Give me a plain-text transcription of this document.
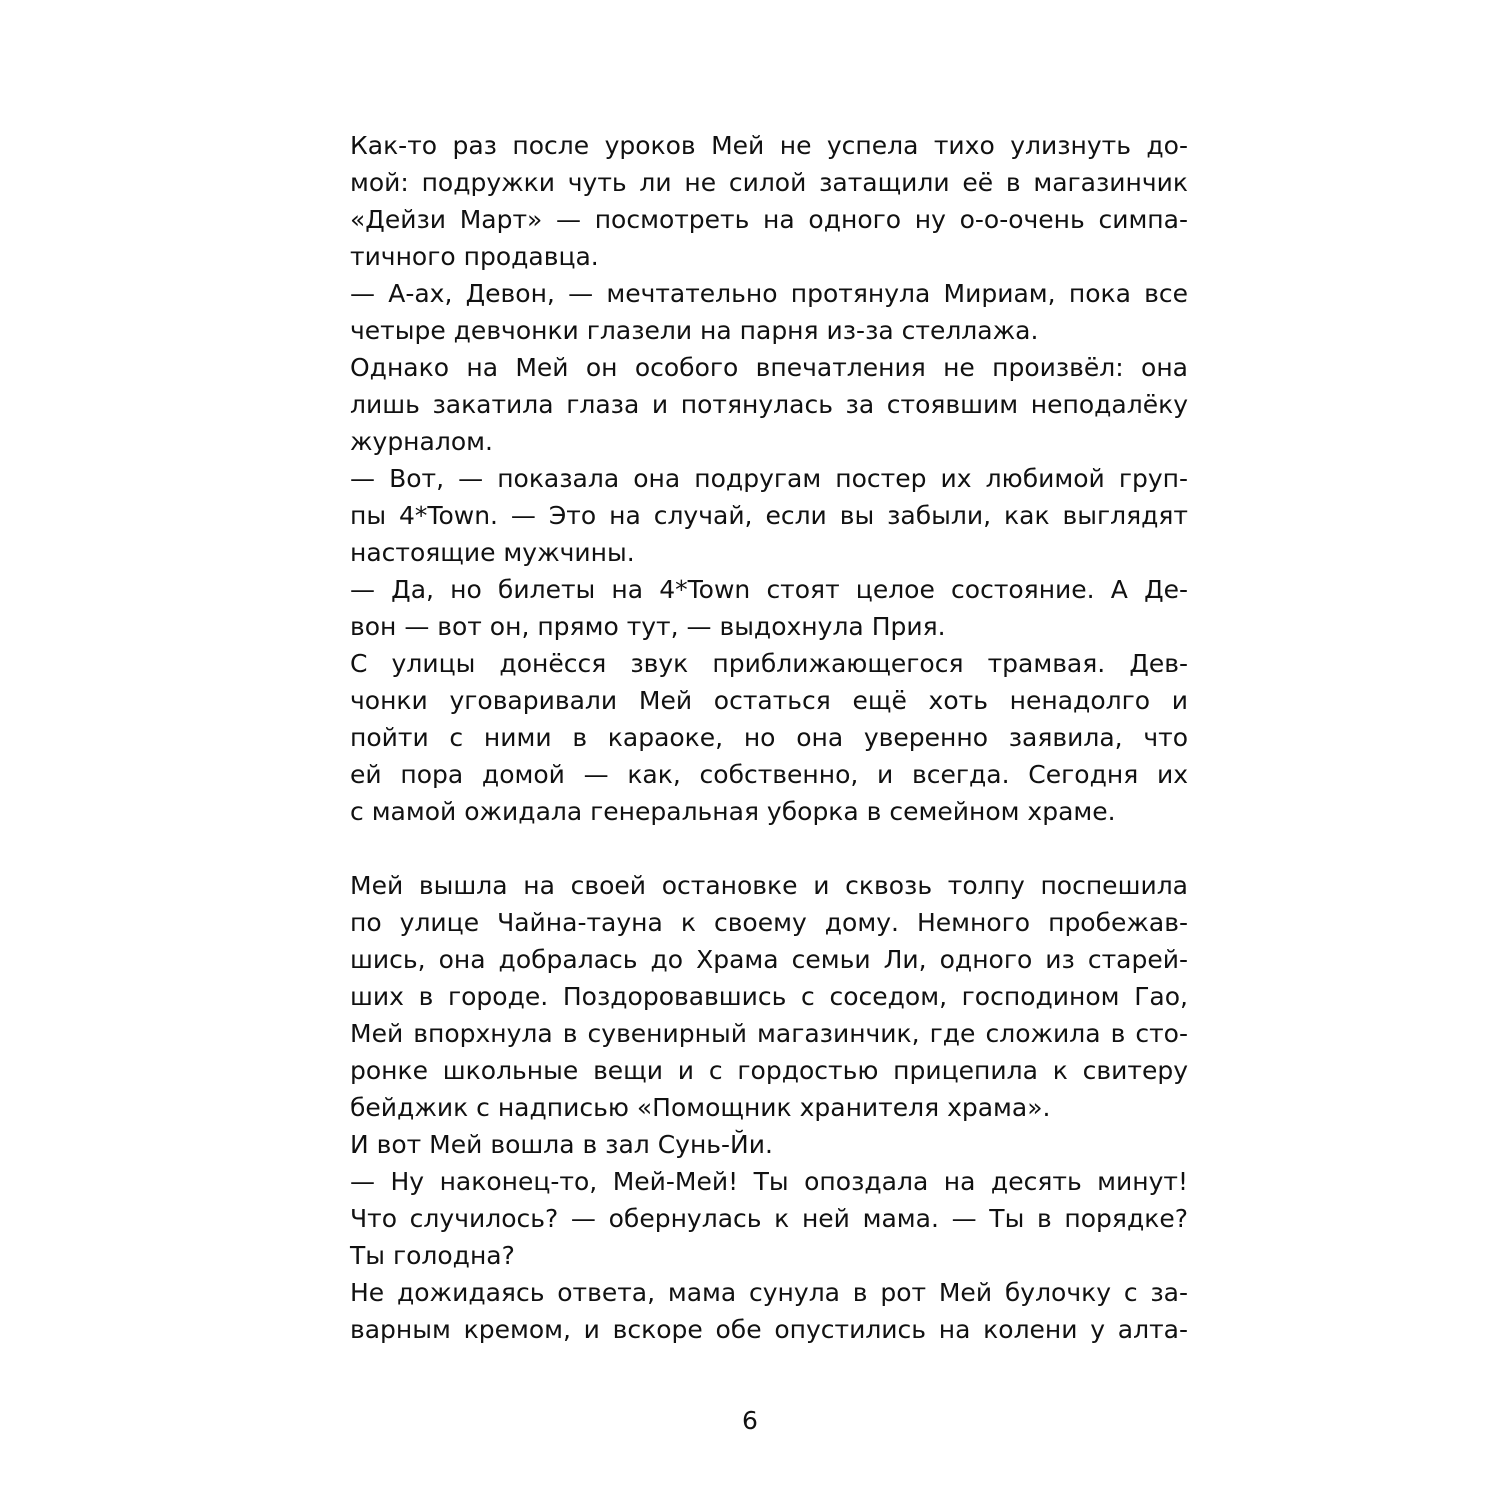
Как-то раз после уроков Мей не успела тихо улизнуть до-

мой: подружки чуть ли не силой затащили её в магазинчик

«Дейзи Март» — посмотреть на одного ну о-о-очень симпа-

тичного продавца.

— А-ах, Девон, — мечтательно протянула Мириам, пока все

четыре девчонки глазели на парня из-за стеллажа.

Однако на Мей он особого впечатления не произвёл: она

лишь закатила глаза и потянулась за стоявшим неподалёку

журналом.

— Вот, — показала она подругам постер их любимой груп-

пы 4*Town. — Это на случай, если вы забыли, как выглядят

настоящие мужчины.

— Да, но билеты на 4*Town стоят целое состояние. А Де-

вон — вот он, прямо тут, — выдохнула Прия.

С улицы донёсся звук приближающегося трамвая. Дев-

чонки уговаривали Мей остаться ещё хоть ненадолго и

пойти с ними в караоке, но она уверенно заявила, что

ей пора домой — как, собственно, и всегда. Сегодня их

с мамой ожидала генеральная уборка в семейном храме.

Мей вышла на своей остановке и сквозь толпу поспешила

по улице Чайна-тауна к своему дому. Немного пробежав-

шись, она добралась до Храма семьи Ли, одного из старей-

ших в городе. Поздоровавшись с соседом, господином Гао,

Мей впорхнула в сувенирный магазинчик, где сложила в сто-

ронке школьные вещи и с гордостью прицепила к свитеру

бейджик с надписью «Помощник хранителя храма».

И вот Мей вошла в зал Сунь-Йи.

— Ну наконец-то, Мей-Мей! Ты опоздала на десять минут!

Что случилось? — обернулась к ней мама. — Ты в порядке?

Ты голодна?

Не дожидаясь ответа, мама сунула в рот Мей булочку с за-

варным кремом, и вскоре обе опустились на колени у алта-

6
